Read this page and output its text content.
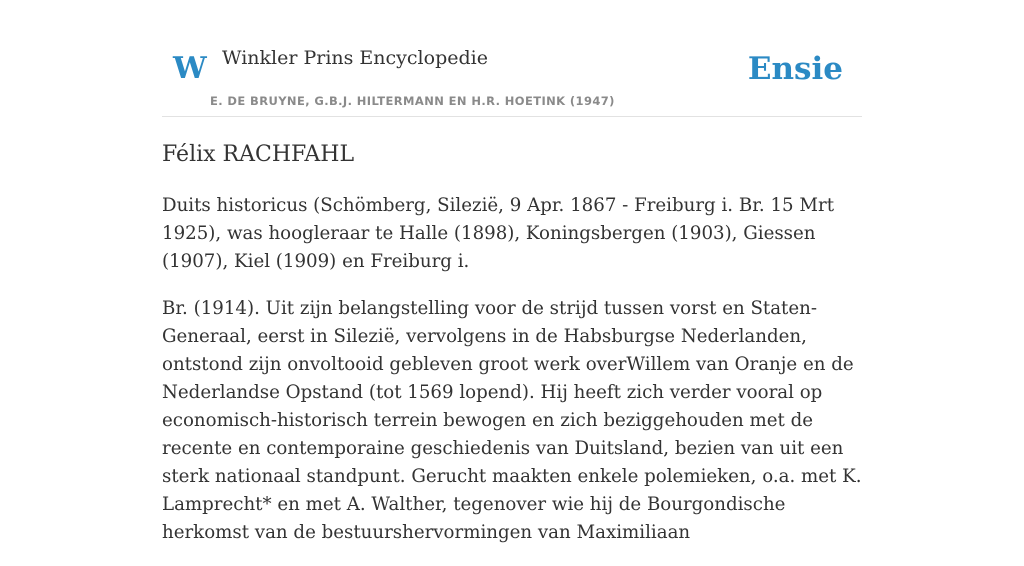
W Winkler Prins Encyclopedie
E. DE BRUYNE, G.B.J. HILTERMANN EN H.R. HOETINK (1947)
Ensie
Félix RACHFAHL

Duits historicus (Schömberg, Silezië, 9 Apr. 1867 - Freiburg i. Br. 15 Mrt 1925), was hoogleraar te Halle (1898), Koningsbergen (1903), Giessen (1907), Kiel (1909) en Freiburg i.

Br. (1914). Uit zijn belangstelling voor de strijd tussen vorst en Staten-Generaal, eerst in Silezië, vervolgens in de Habsburgse Nederlanden, ontstond zijn onvoltooid gebleven groot werk overWillem van Oranje en de Nederlandse Opstand (tot 1569 lopend). Hij heeft zich verder vooral op economisch-historisch terrein bewogen en zich beziggehouden met de recente en contemporaine geschiedenis van Duitsland, bezien van uit een sterk nationaal standpunt. Gerucht maakten enkele polemieken, o.a. met K. Lamprecht* en met A. Walther, tegenover wie hij de Bourgondische herkomst van de bestuurshervormingen van Maximiliaan
